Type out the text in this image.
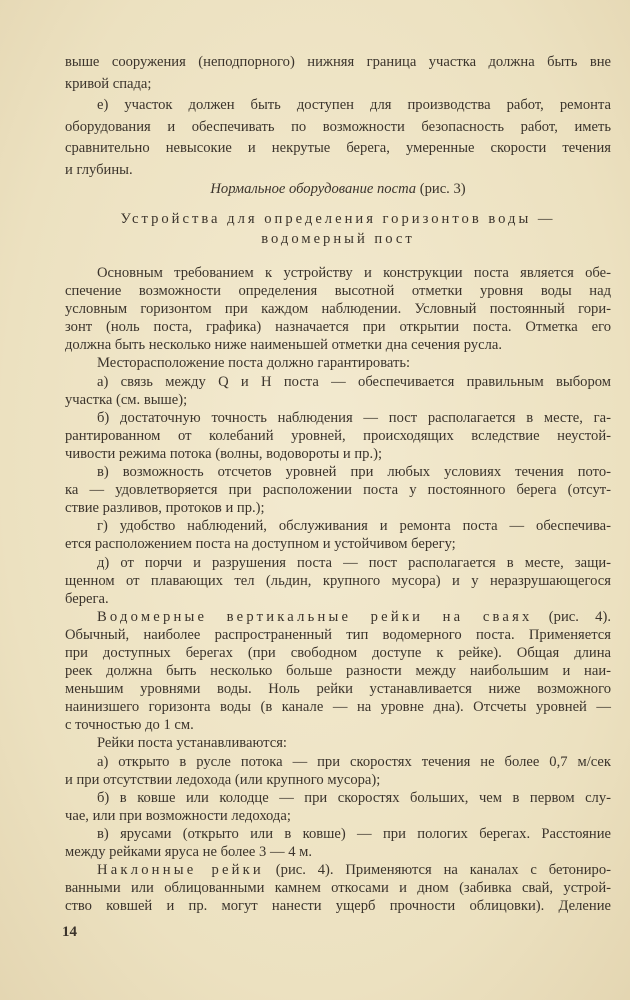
выше сооружения (неподпорного) нижняя граница участка должна быть вне
кривой спада;
е) участок должен быть доступен для производства работ, ремонта
оборудования и обеспечивать по возможности безопасность работ, иметь
сравнительно невысокие и некрутые берега, умеренные скорости течения
и глубины.
Нормальное оборудование поста (рис. 3)
Устройства для определения горизонтов воды —
водомерный пост
Основным требованием к устройству и конструкции поста является обе-
спечение возможности определения высотной отметки уровня воды над
условным горизонтом при каждом наблюдении. Условный постоянный гори-
зонт (ноль поста, графика) назначается при открытии поста. Отметка его
должна быть несколько ниже наименьшей отметки дна сечения русла.
Месторасположение поста должно гарантировать:
а) связь между Q и H поста — обеспечивается правильным выбором
участка (см. выше);
б) достаточную точность наблюдения — пост располагается в месте, га-
рантированном от колебаний уровней, происходящих вследствие неустой-
чивости режима потока (волны, водовороты и пр.);
в) возможность отсчетов уровней при любых условиях течения пото-
ка — удовлетворяется при расположении поста у постоянного берега (отсут-
ствие разливов, протоков и пр.);
г) удобство наблюдений, обслуживания и ремонта поста — обеспечива-
ется расположением поста на доступном и устойчивом берегу;
д) от порчи и разрушения поста — пост располагается в месте, защи-
щенном от плавающих тел (льдин, крупного мусора) и у неразрушающегося
берега.
Водомерные вертикальные рейки на сваях (рис. 4).
Обычный, наиболее распространенный тип водомерного поста. Применяется
при доступных берегах (при свободном доступе к рейке). Общая длина
реек должна быть несколько больше разности между наибольшим и наи-
меньшим уровнями воды. Ноль рейки устанавливается ниже возможного
наинизшего горизонта воды (в канале — на уровне дна). Отсчеты уровней —
с точностью до 1 см.
Рейки поста устанавливаются:
а) открыто в русле потока — при скоростях течения не более 0,7 м/сек
и при отсутствии ледохода (или крупного мусора);
б) в ковше или колодце — при скоростях больших, чем в первом слу-
чае, или при возможности ледохода;
в) ярусами (открыто или в ковше) — при пологих берегах. Расстояние
между рейками яруса не более 3 — 4 м.
Наклонные рейки (рис. 4). Применяются на каналах с бетониро-
ванными или облицованными камнем откосами и дном (забивка свай, устрой-
ство ковшей и пр. могут нанести ущерб прочности облицовки). Деление
14
